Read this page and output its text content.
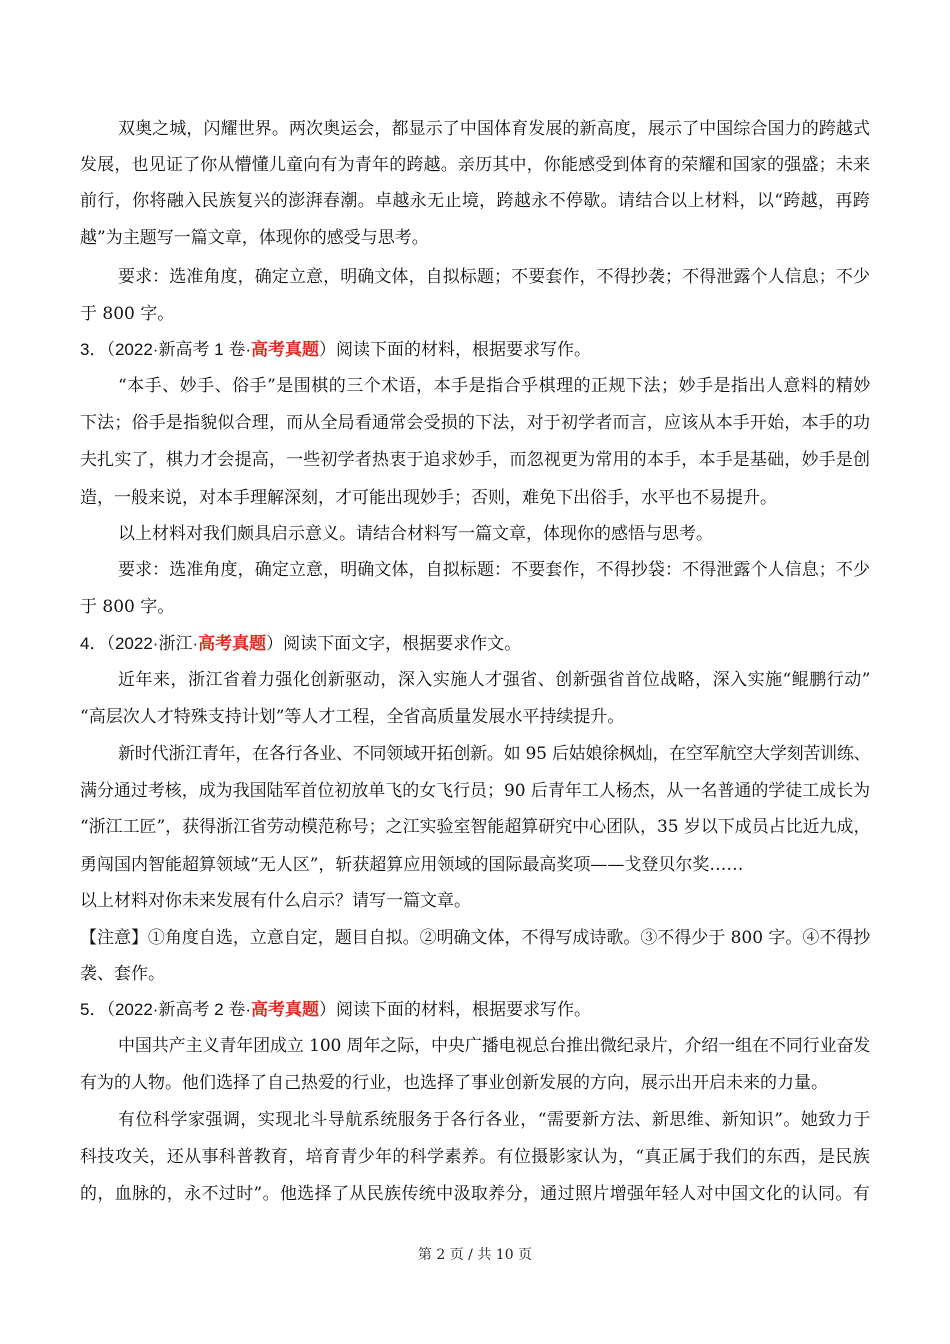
双奥之城，闪耀世界。两次奥运会，都显示了中国体育发展的新高度，展示了中国综合国力的跨越式
发展，也见证了你从懵懂儿童向有为青年的跨越。亲历其中，你能感受到体育的荣耀和国家的强盛；未来
前行，你将融入民族复兴的澎湃春潮。卓越永无止境，跨越永不停歇。请结合以上材料，以“跨越，再跨
越”为主题写一篇文章，体现你的感受与思考。
要求：选准角度，确定立意，明确文体，自拟标题；不要套作，不得抄袭；不得泄露个人信息；不少
于 800 字。
3．（2022·新高考 1 卷·高考真题）阅读下面的材料，根据要求写作。
“本手、妙手、俗手”是围棋的三个术语，本手是指合乎棋理的正规下法；妙手是指出人意料的精妙
下法；俗手是指貌似合理，而从全局看通常会受损的下法，对于初学者而言，应该从本手开始，本手的功
夫扎实了，棋力才会提高，一些初学者热衷于追求妙手，而忽视更为常用的本手，本手是基础，妙手是创
造，一般来说，对本手理解深刻，才可能出现妙手；否则，难免下出俗手，水平也不易提升。
以上材料对我们颇具启示意义。请结合材料写一篇文章，体现你的感悟与思考。
要求：选准角度，确定立意，明确文体，自拟标题：不要套作，不得抄袋：不得泄露个人信息；不少
于 800 字。
4．（2022·浙江·高考真题）阅读下面文字，根据要求作文。
近年来，浙江省着力强化创新驱动，深入实施人才强省、创新强省首位战略，深入实施“鲲鹏行动”
“高层次人才特殊支持计划”等人才工程，全省高质量发展水平持续提升。
新时代浙江青年，在各行各业、不同领域开拓创新。如 95 后姑娘徐枫灿，在空军航空大学刻苦训练、
满分通过考核，成为我国陆军首位初放单飞的女飞行员；90 后青年工人杨杰，从一名普通的学徒工成长为
“浙江工匠”，获得浙江省劳动模范称号；之江实验室智能超算研究中心团队，35 岁以下成员占比近九成，
勇闯国内智能超算领域“无人区”，斩获超算应用领域的国际最高奖项——戈登贝尔奖……
以上材料对你未来发展有什么启示？请写一篇文章。
【注意】①角度自选，立意自定，题目自拟。②明确文体，不得写成诗歌。③不得少于 800 字。④不得抄
袭、套作。
5．（2022·新高考 2 卷·高考真题）阅读下面的材料，根据要求写作。
中国共产主义青年团成立 100 周年之际，中央广播电视总台推出微纪录片，介绍一组在不同行业奋发
有为的人物。他们选择了自己热爱的行业，也选择了事业创新发展的方向，展示出开启未来的力量。
有位科学家强调，实现北斗导航系统服务于各行各业，“需要新方法、新思维、新知识”。她致力于
科技攻关，还从事科普教育，培育青少年的科学素养。有位摄影家认为，“真正属于我们的东西，是民族
的，血脉的，永不过时”。他选择了从民族传统中汲取养分，通过照片增强年轻人对中国文化的认同。有
第 2 页 / 共 10 页
